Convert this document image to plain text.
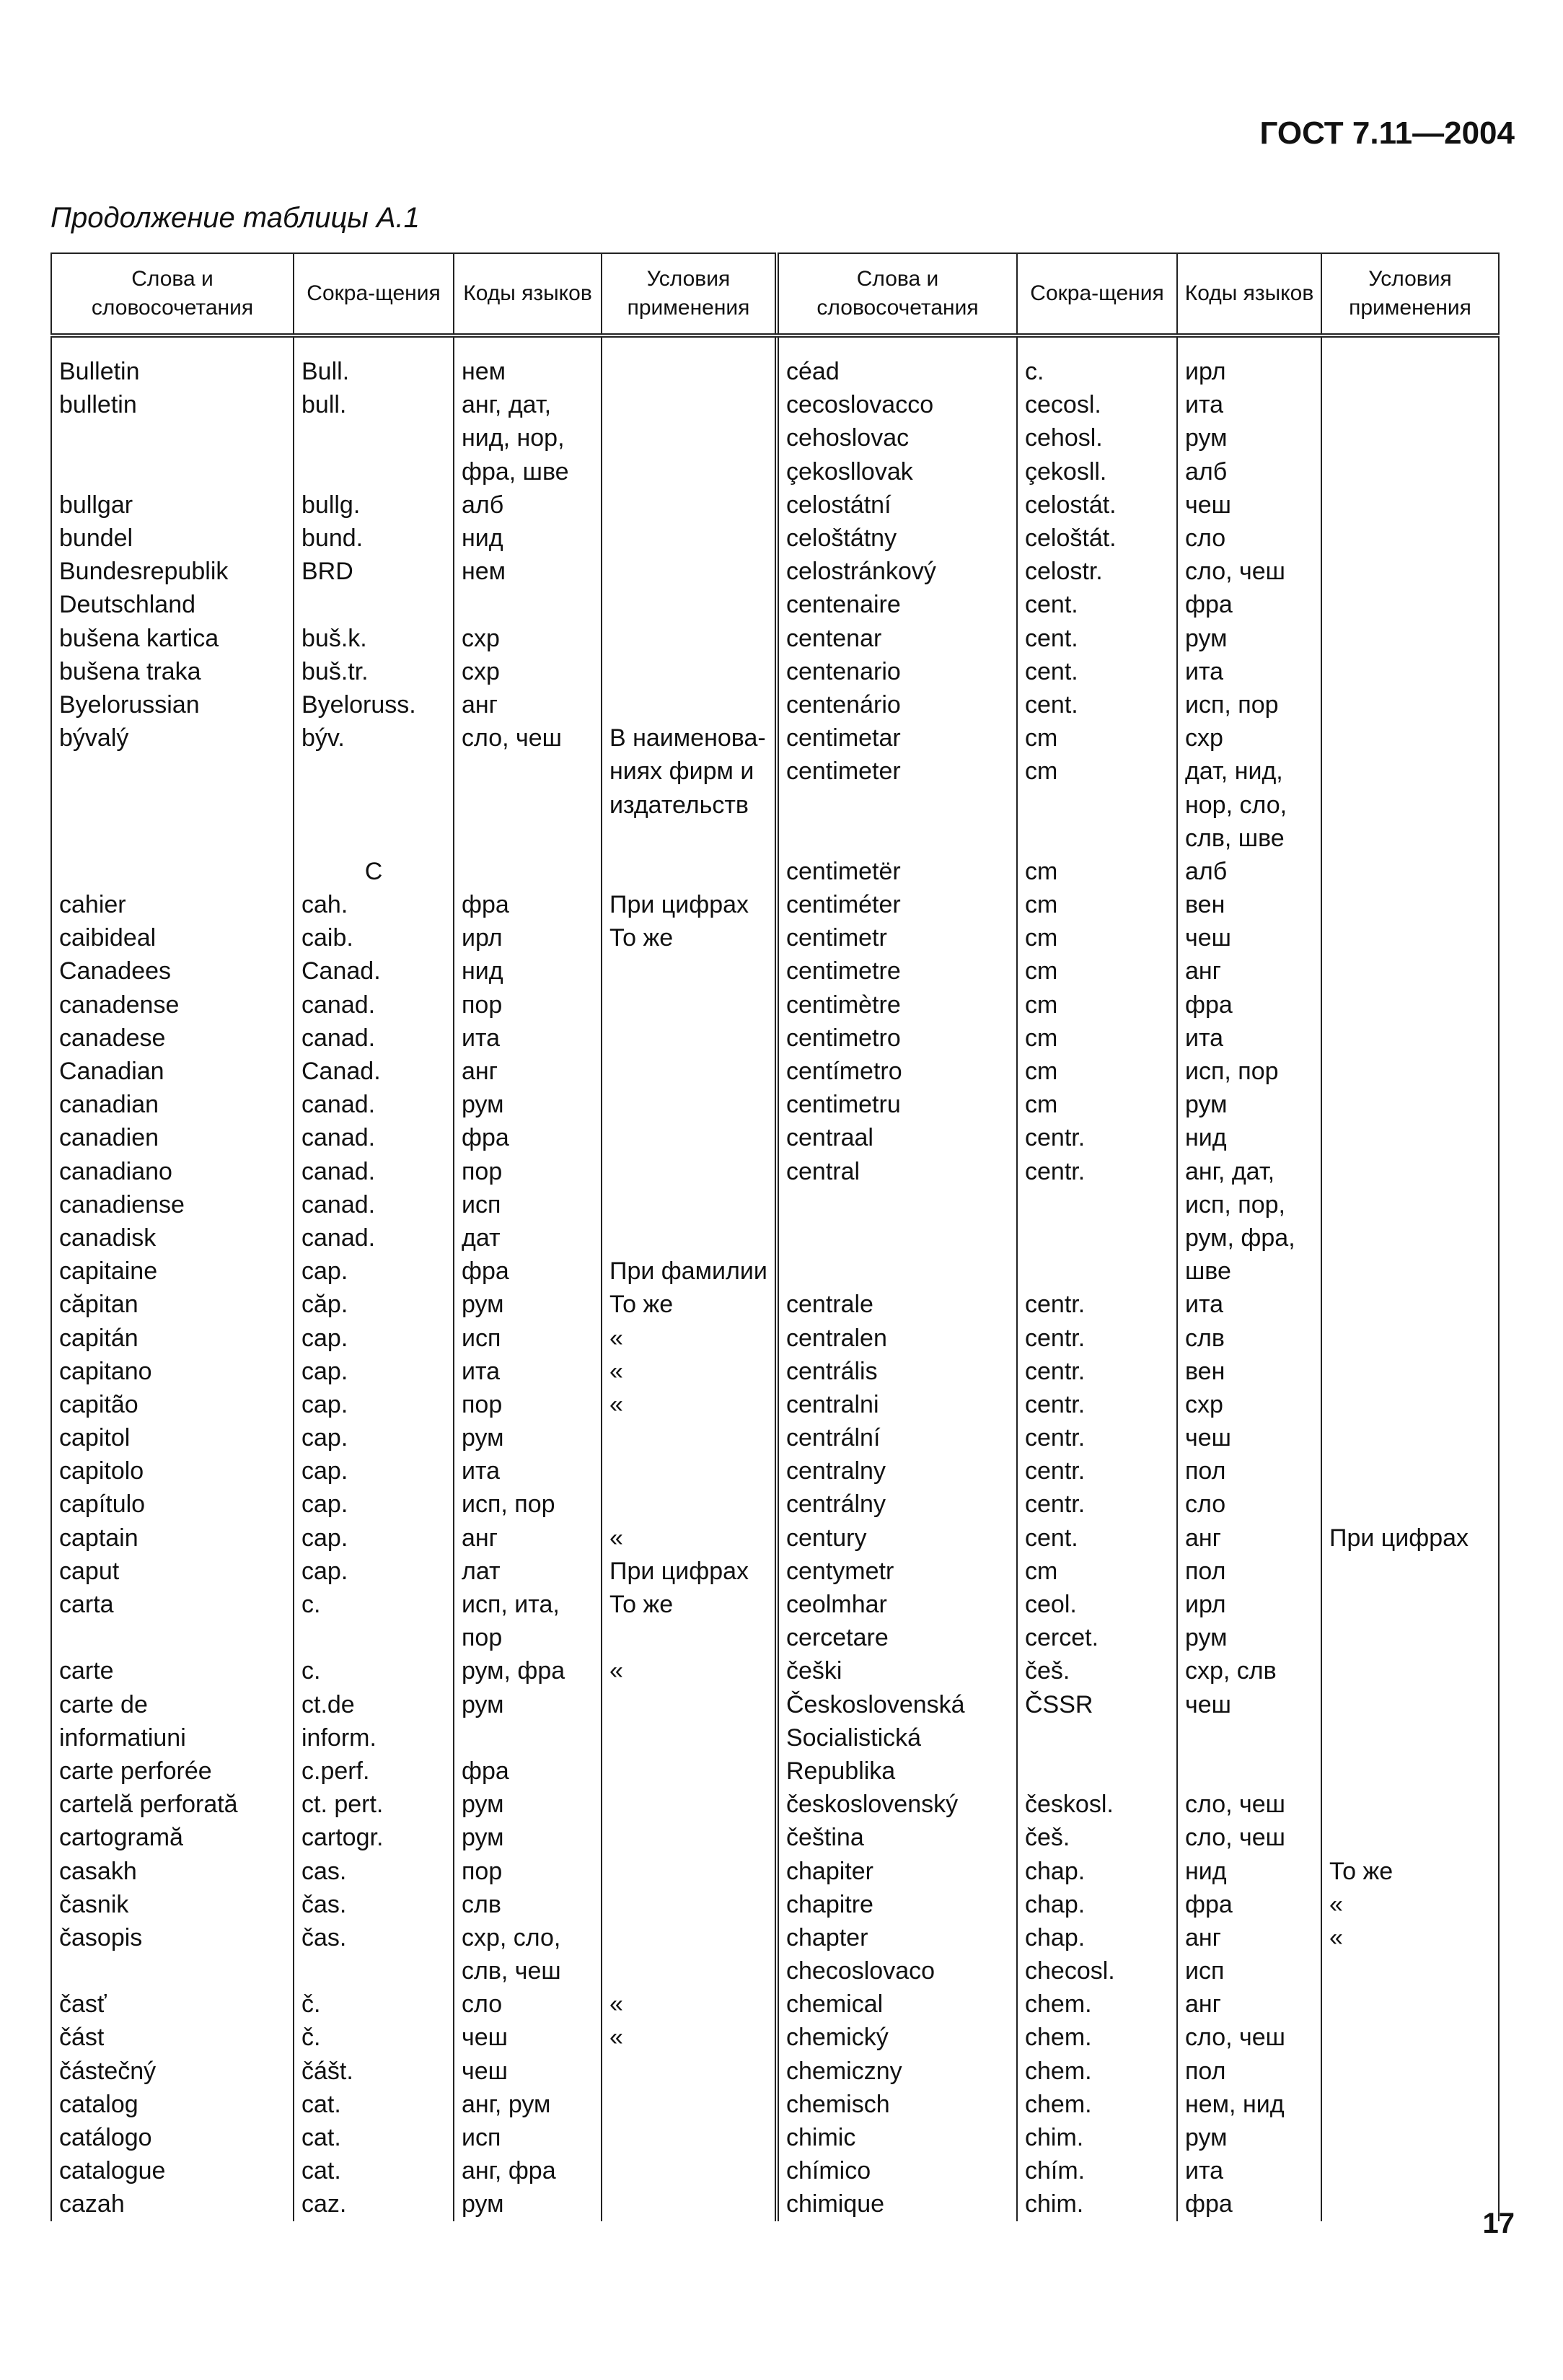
ГОСТ 7.11—2004
Продолжение таблицы А.1
Слова и словосочетания	Сокра-щения	Коды языков	Условия применения	Слова и словосочетания	Сокра-щения	Коды языков	Условия применения

Bulletin	Bull.	нем		céad	c.	ирл	
bulletin	bull.	анг, дат,		cecoslovacco	cecosl.	ита	
		нид, нор,		cehoslovac	cehosl.	рум	
		фра, шве		çekosllovak	çekosll.	алб	
bullgar	bullg.	алб		celostátní	celostát.	чеш	
bundel	bund.	нид		celoštátny	celoštát.	сло	
Bundesrepublik	BRD	нем		celostránkový	celostr.	сло, чеш	
Deutschland				centenaire	cent.	фра	
bušena kartica	buš.k.	схр		centenar	cent.	рум	
bušena traka	buš.tr.	схр		centenario	cent.	ита	
Byelorussian	Byeloruss.	анг		centenário	cent.	исп, пор	
bývalý	býv.	сло, чеш	В наименова-	centimetar	cm	схр	
			ниях фирм и	centimeter	cm	дат, нид,	
			издательств			нор, сло,	
						слв, шве	
	C			centimetër	cm	алб	
cahier	cah.	фра	При цифрах	centiméter	cm	вен	
caibideal	caib.	ирл	То же	centimetr	cm	чеш	
Canadees	Canad.	нид		centimetre	cm	анг	
canadense	canad.	пор		centimètre	cm	фра	
canadese	canad.	ита		centimetro	cm	ита	
Canadian	Canad.	анг		centímetro	cm	исп, пор	
canadian	canad.	рум		centimetru	cm	рум	
canadien	canad.	фра		centraal	centr.	нид	
canadiano	canad.	пор		central	centr.	анг, дат,	
canadiense	canad.	исп				исп, пор,	
canadisk	canad.	дат				рум, фра,	
capitaine	cap.	фра	При фамилии			шве	
căpitan	căp.	рум	То же	centrale	centr.	ита	
capitán	cap.	исп	«	centralen	centr.	слв	
capitano	cap.	ита	«	centrális	centr.	вен	
capitão	cap.	пор	«	centralni	centr.	схр	
capitol	cap.	рум		centrální	centr.	чеш	
capitolo	cap.	ита		centralny	centr.	пол	
capítulo	cap.	исп, пор		centrálny	centr.	сло	
captain	cap.	анг	«	century	cent.	анг	При цифрах
caput	cap.	лат	При цифрах	centymetr	cm	пол	
carta	c.	исп, ита,	То же	ceolmhar	ceol.	ирл	
		пор		cercetare	cercet.	рум	
carte	c.	рум, фра	«	češki	češ.	схр, слв	
carte de	ct.de	рум		Československá	ČSSR	чеш	
informatiuni	inform.			Socialistická			
carte perforée	c.perf.	фра		Republika			
cartelă perforată	ct. pert.	рум		československý	českosl.	сло, чеш	
cartogramă	cartogr.	рум		čeština	češ.	сло, чеш	
casakh	cas.	пор		chapiter	chap.	нид	То же
časnik	čas.	слв		chapitre	chap.	фра	«
časopis	čas.	схр, сло,		chapter	chap.	анг	«
		слв, чеш		checoslovaco	checosl.	исп	
časť	č.	сло	«	chemical	chem.	анг	
část	č.	чеш	«	chemický	chem.	сло, чеш	
částečný	čášt.	чеш		chemiczny	chem.	пол	
catalog	cat.	анг, рум		chemisch	chem.	нем, нид	
catálogo	cat.	исп		chimic	chim.	рум	
catalogue	cat.	анг, фра		chímico	chím.	ита	
cazah	caz.	рум		chimique	chim.	фра	
17
